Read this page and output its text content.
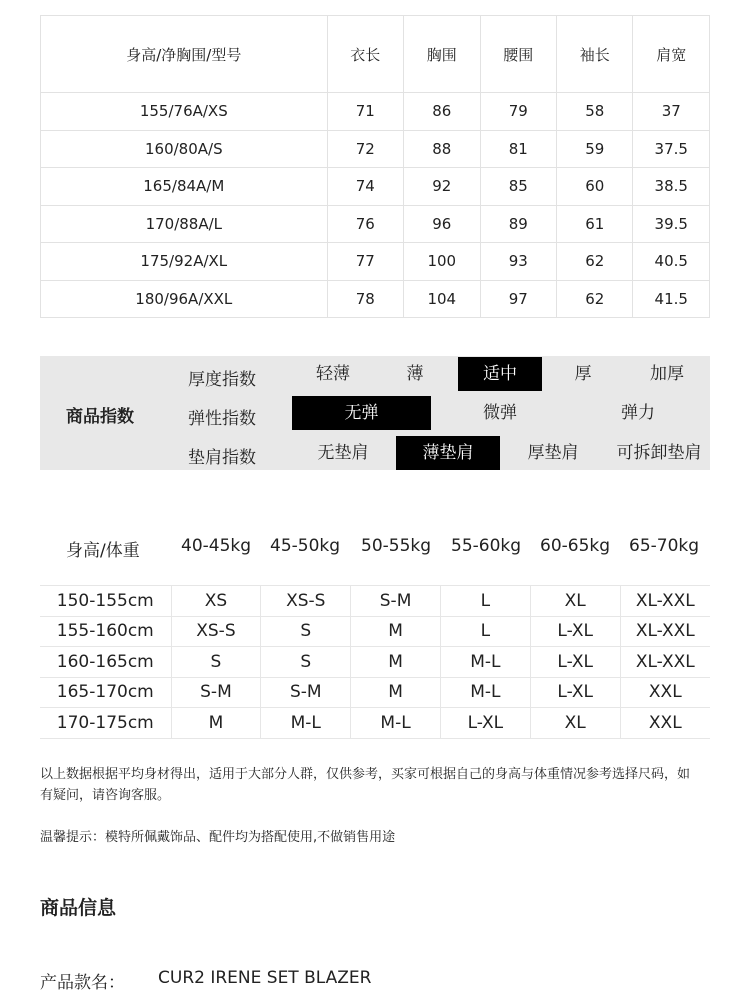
身高/净胸围/型号	衣长	胸围	腰围	袖长	肩宽
155/76A/XS	71	86	79	58	37
160/80A/S	72	88	81	59	37.5
165/84A/M	74	92	85	60	38.5
170/88A/L	76	96	89	61	39.5
175/92A/XL	77	100	93	62	40.5
180/96A/XXL	78	104	97	62	41.5
商品指数
厚度指数	轻薄	薄	适中	厚	加厚
弹性指数	无弹	微弹	弹力
垫肩指数	无垫肩	薄垫肩	厚垫肩	可拆卸垫肩
身高/体重 40-45kg 45-50kg 50-55kg 55-60kg 60-65kg 65-70kg
150-155cm	XS	XS-S	S-M	L	XL	XL-XXL
155-160cm	XS-S	S	M	L	L-XL	XL-XXL
160-165cm	S	S	M	M-L	L-XL	XL-XXL
165-170cm	S-M	S-M	M	M-L	L-XL	XXL
170-175cm	M	M-L	M-L	L-XL	XL	XXL
以上数据根据平均身材得出，适用于大部分人群，仅供参考，买家可根据自己的身高与体重情况参考选择尺码，如有疑问，请咨询客服。
温馨提示：模特所佩戴饰品、配件均为搭配使用,不做销售用途
商品信息
产品款名： CUR2 IRENE SET BLAZER
